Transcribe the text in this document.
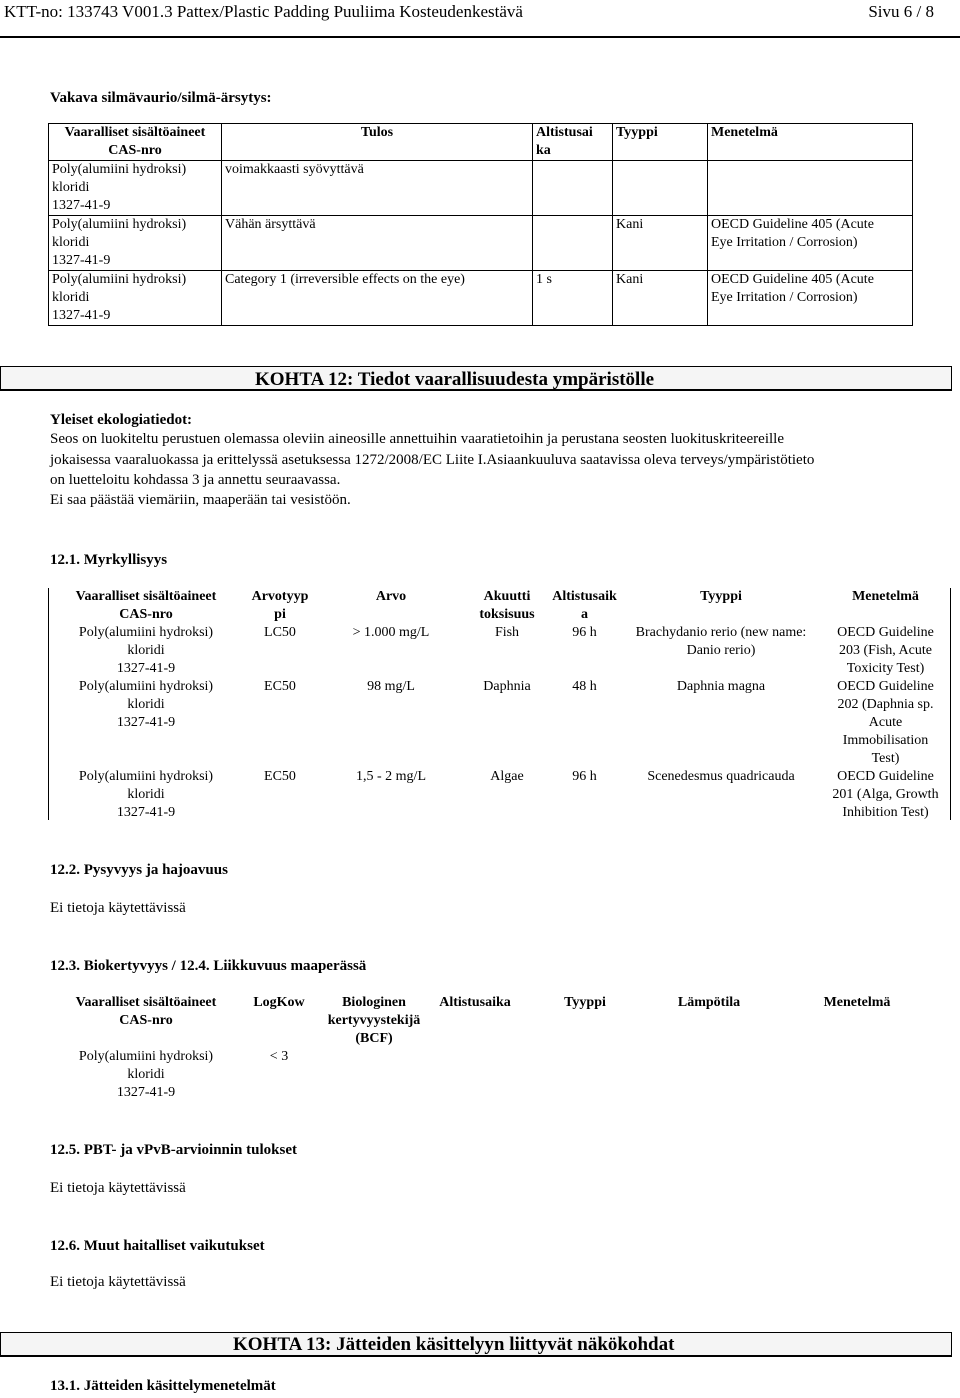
KTT-no: 133743 V001.3 Pattex/Plastic Padding Puuliima Kosteudenkestävä	Sivu 6 / 8
Vakava silmävaurio/silmä-ärsytys:
Vaaralliset sisältöaineet
CAS-nro	Tulos	Altistusai
ka	Tyyppi	Menetelmä
Poly(alumiini hydroksi)
kloridi
1327-41-9	voimakkaasti syövyttävä			
Poly(alumiini hydroksi)
kloridi
1327-41-9	Vähän ärsyttävä		Kani	OECD Guideline 405 (Acute
Eye Irritation / Corrosion)
Poly(alumiini hydroksi)
kloridi
1327-41-9	Category 1 (irreversible effects on the eye)	1 s	Kani	OECD Guideline 405 (Acute
Eye Irritation / Corrosion)
KOHTA 12: Tiedot vaarallisuudesta ympäristölle
Yleiset ekologiatiedot:
Seos on luokiteltu perustuen olemassa oleviin aineosille annettuihin vaaratietoihin ja perustana seosten luokituskriteereille
jokaisessa vaaraluokassa ja erittelyssä asetuksessa 1272/2008/EC Liite I.Asiaankuuluva saatavissa oleva terveys/ympäristötieto
on luetteloitu kohdassa 3 ja annettu seuraavassa.
Ei saa päästää viemäriin, maaperään tai vesistöön.
12.1. Myrkyllisyys
Vaaralliset sisältöaineet
CAS-nro	Arvotyyp
pi	Arvo	Akuutti
toksisuus	Altistusaik
a	Tyyppi	Menetelmä
Poly(alumiini hydroksi)
kloridi
1327-41-9	LC50	> 1.000 mg/L	Fish	96 h	Brachydanio rerio (new name:
Danio rerio)	OECD Guideline
203 (Fish, Acute
Toxicity Test)
Poly(alumiini hydroksi)
kloridi
1327-41-9	EC50	98 mg/L	Daphnia	48 h	Daphnia magna	OECD Guideline
202 (Daphnia sp.
Acute
Immobilisation
Test)
Poly(alumiini hydroksi)
kloridi
1327-41-9	EC50	1,5 - 2 mg/L	Algae	96 h	Scenedesmus quadricauda	OECD Guideline
201 (Alga, Growth
Inhibition Test)
12.2. Pysyvyys ja hajoavuus
Ei tietoja käytettävissä
12.3. Biokertyvyys / 12.4. Liikkuvuus maaperässä
Vaaralliset sisältöaineet
CAS-nro	LogKow	Biologinen
kertyvyystekijä
(BCF)	Altistusaika	Tyyppi	Lämpötila	Menetelmä
Poly(alumiini hydroksi)
kloridi
1327-41-9	< 3					
12.5. PBT- ja vPvB-arvioinnin tulokset
Ei tietoja käytettävissä
12.6. Muut haitalliset vaikutukset
Ei tietoja käytettävissä
KOHTA 13: Jätteiden käsittelyyn liittyvät näkökohdat
13.1. Jätteiden käsittelymenetelmät
